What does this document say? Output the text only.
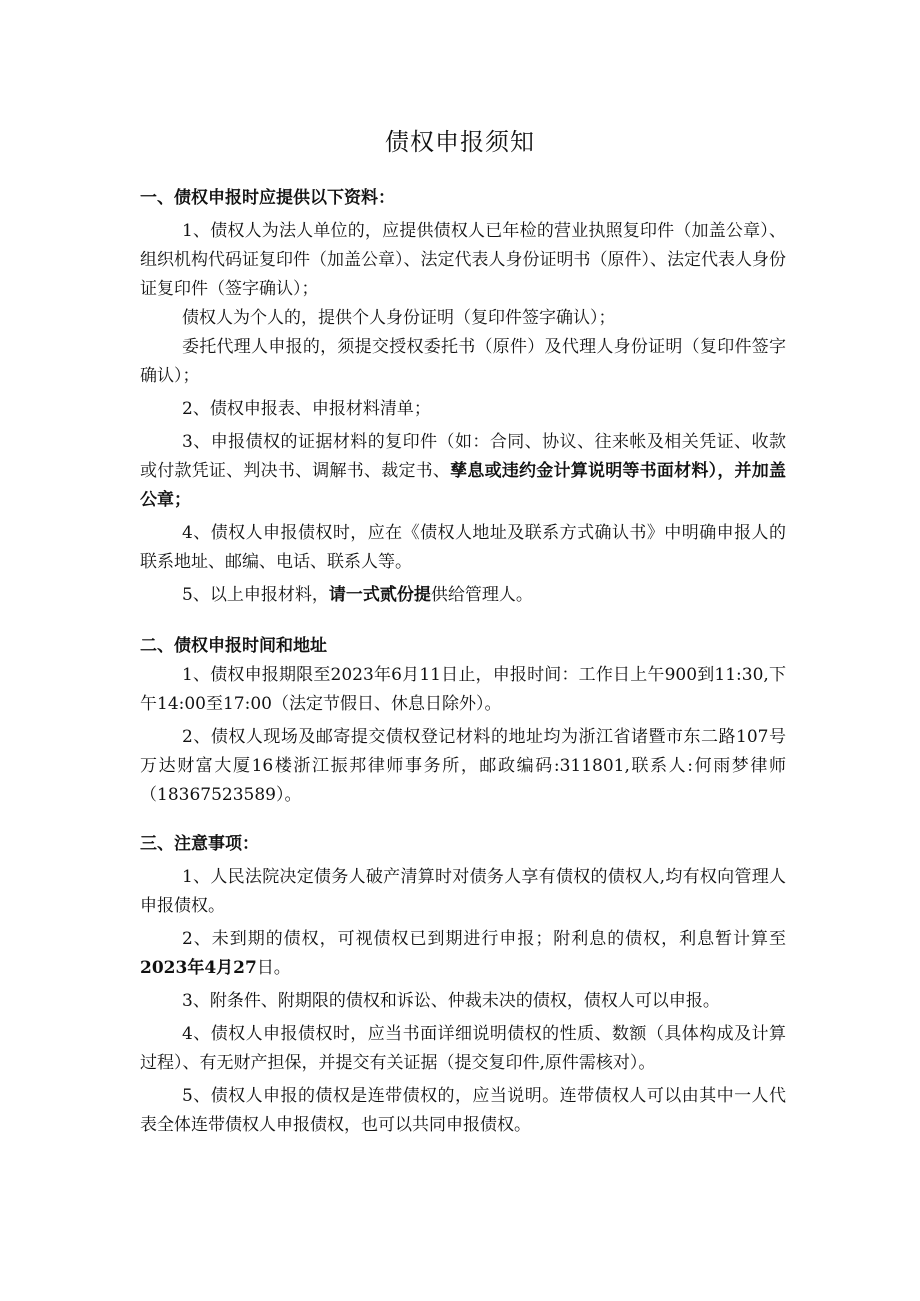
债权申报须知

一、债权申报时应提供以下资料：

1、债权人为法人单位的，应提供债权人已年检的营业执照复印件（加盖公章）、组织机构代码证复印件（加盖公章）、法定代表人身份证明书（原件）、法定代表人身份证复印件（签字确认）；

债权人为个人的，提供个人身份证明（复印件签字确认）；

委托代理人申报的，须提交授权委托书（原件）及代理人身份证明（复印件签字确认）；

2、债权申报表、申报材料清单；

3、申报债权的证据材料的复印件（如：合同、协议、往来帐及相关凭证、收款或付款凭证、判决书、调解书、裁定书、孳息或违约金计算说明等书面材料），并加盖公章；

4、债权人申报债权时，应在《债权人地址及联系方式确认书》中明确申报人的联系地址、邮编、电话、联系人等。

5、以上申报材料，请一式贰份提供给管理人。

二、债权申报时间和地址

1、债权申报期限至2023年6月11日止，申报时间：工作日上午900到11:30,下午14:00至17:00（法定节假日、休息日除外）。

2、债权人现场及邮寄提交债权登记材料的地址均为浙江省诸暨市东二路107号万达财富大厦16楼浙江振邦律师事务所，邮政编码:311801,联系人:何雨梦律师（18367523589）。

三、注意事项：

1、人民法院决定债务人破产清算时对债务人享有债权的债权人,均有权向管理人申报债权。

2、未到期的债权，可视债权已到期进行申报；附利息的债权，利息暂计算至2023年4月27日。

3、附条件、附期限的债权和诉讼、仲裁未决的债权，债权人可以申报。

4、债权人申报债权时，应当书面详细说明债权的性质、数额（具体构成及计算过程）、有无财产担保，并提交有关证据（提交复印件,原件需核对）。

5、债权人申报的债权是连带债权的，应当说明。连带债权人可以由其中一人代表全体连带债权人申报债权，也可以共同申报债权。
